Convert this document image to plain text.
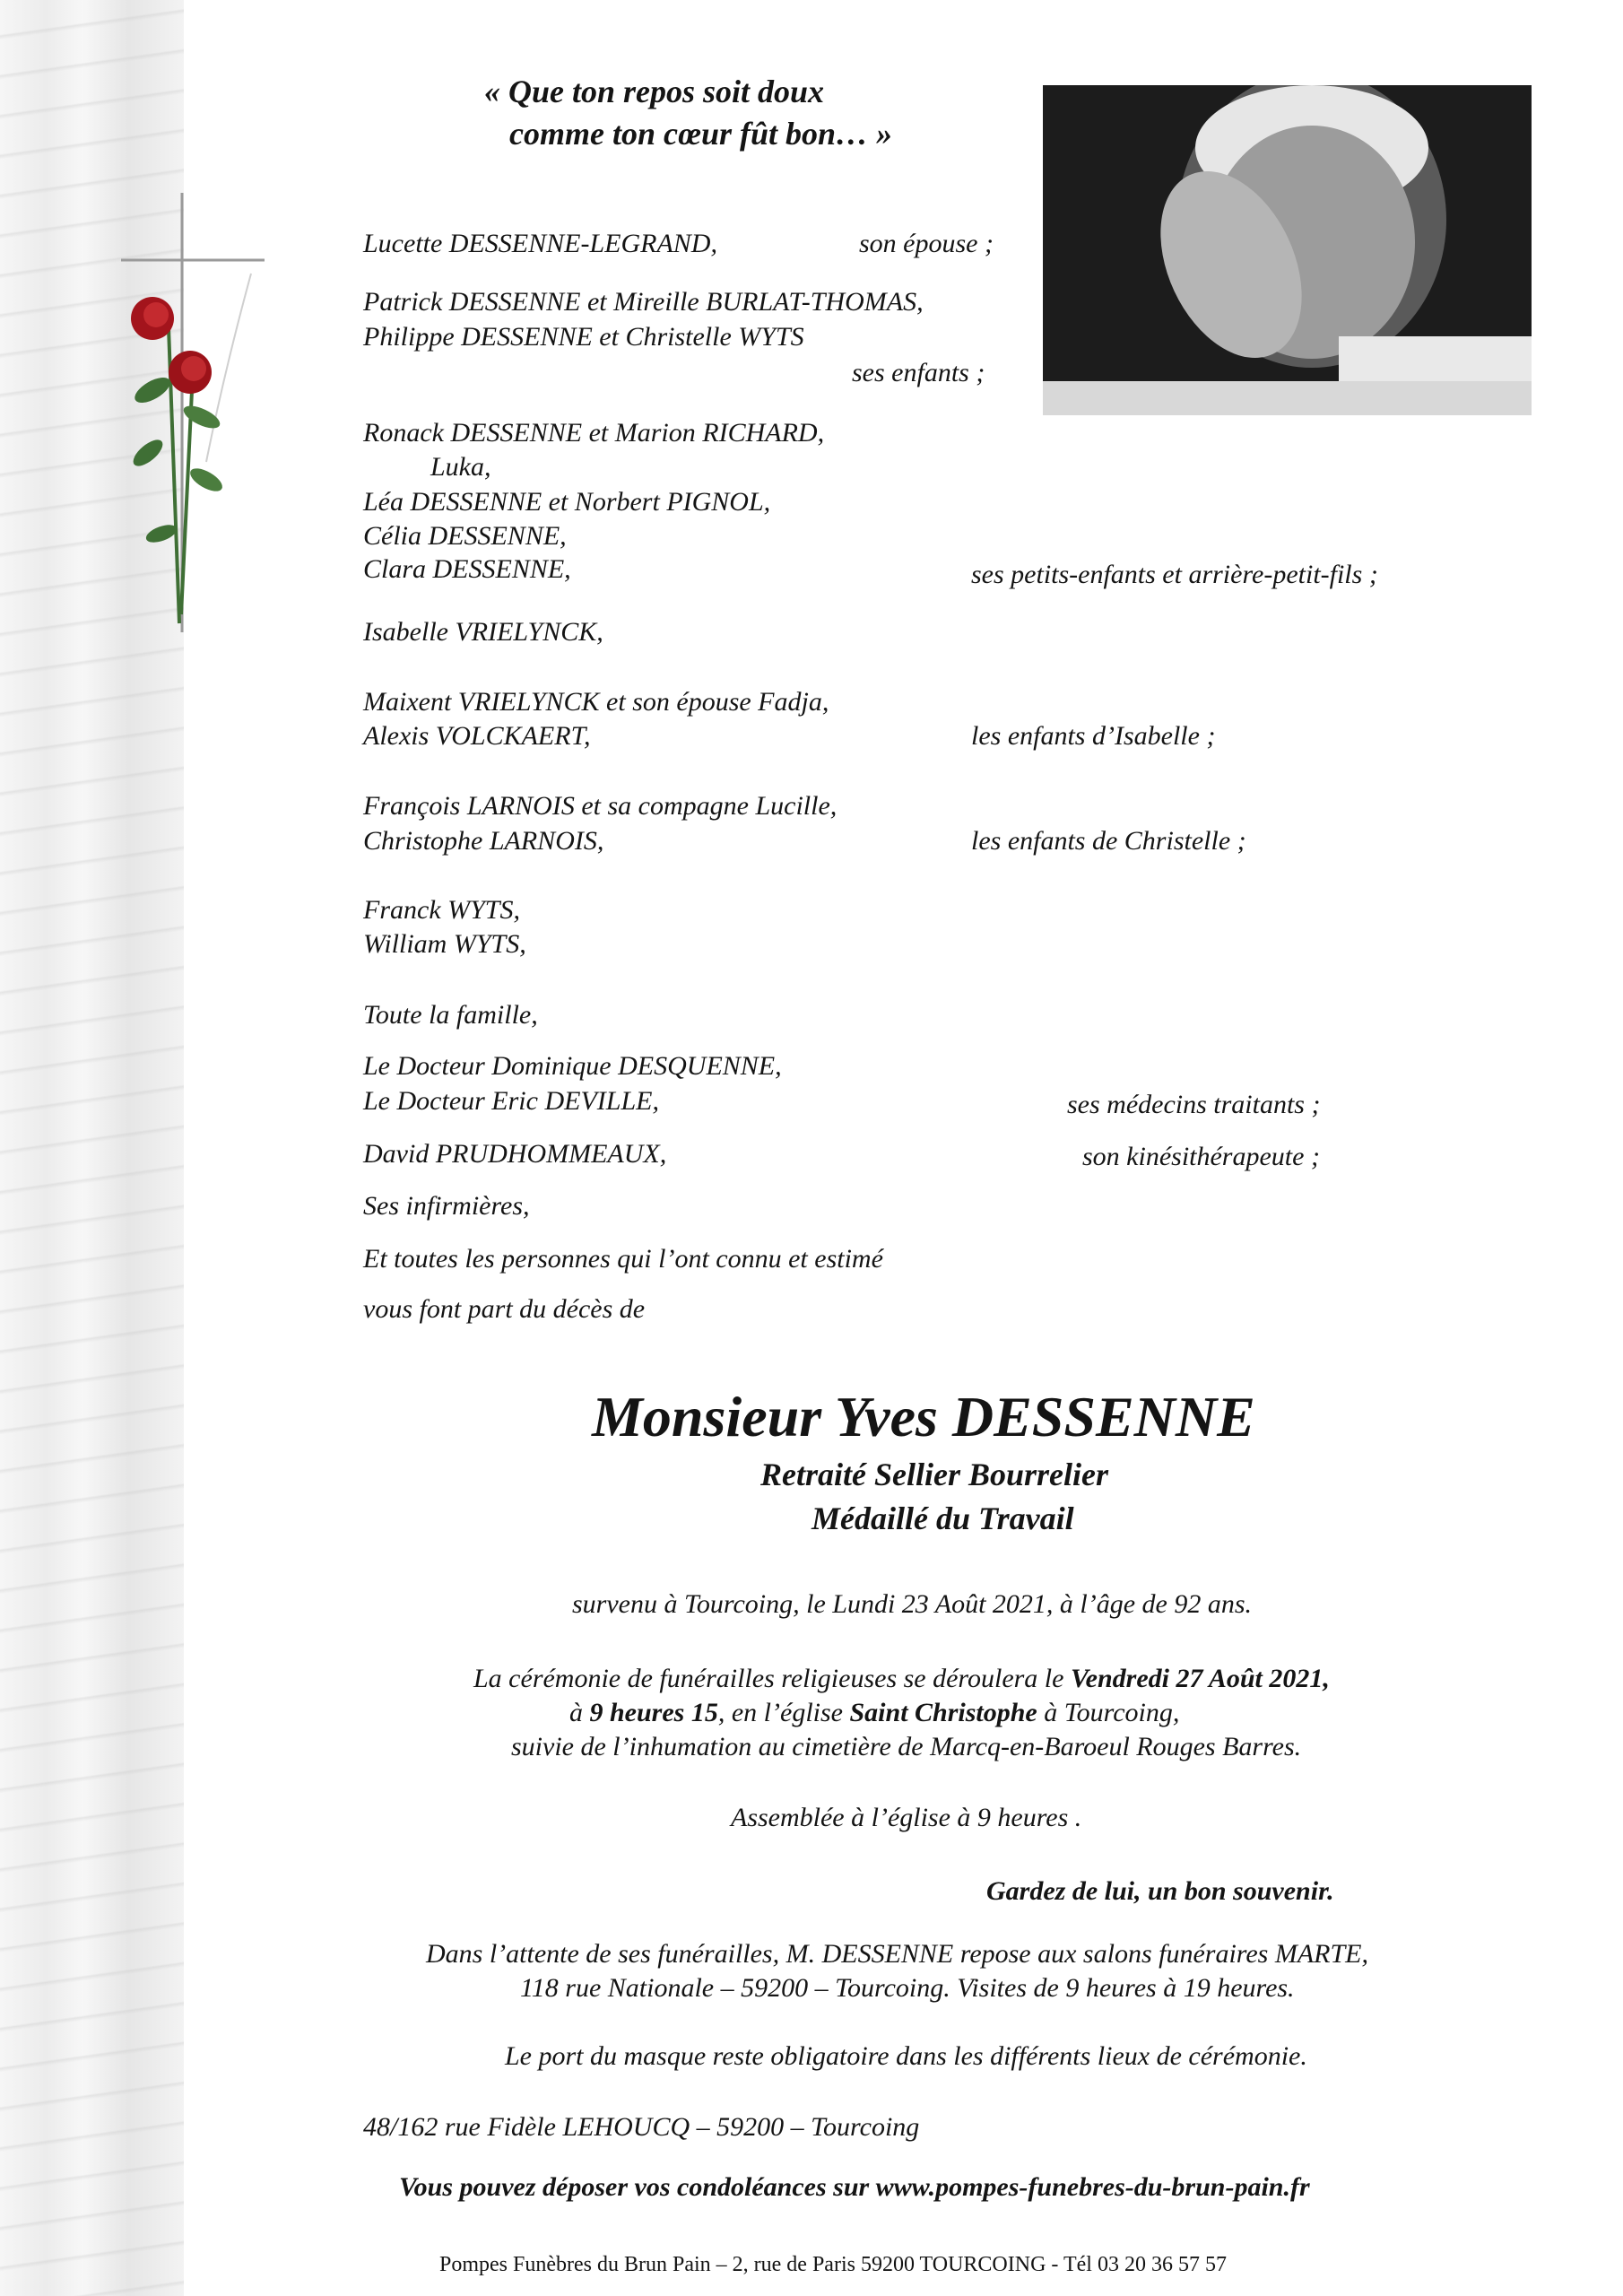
« Que ton repos soit doux
comme ton cœur fût bon… »
Lucette DESSENNE-LEGRAND,	son épouse ;
Patrick DESSENNE et Mireille BURLAT-THOMAS,
Philippe DESSENNE et Christelle WYTS
ses enfants ;
Ronack DESSENNE et Marion RICHARD,
Luka,
Léa DESSENNE et Norbert PIGNOL,
Célia DESSENNE,
Clara DESSENNE,	ses petits-enfants et arrière-petit-fils ;
Isabelle VRIELYNCK,
Maixent VRIELYNCK et son épouse Fadja,
Alexis VOLCKAERT,	les enfants d’Isabelle ;
François LARNOIS et sa compagne Lucille,
Christophe LARNOIS,	les enfants de Christelle ;
Franck WYTS,
William WYTS,
Toute la famille,
Le Docteur Dominique DESQUENNE,
Le Docteur Eric DEVILLE,	ses médecins traitants ;
David PRUDHOMMEAUX,	son kinésithérapeute ;
Ses infirmières,
Et toutes les personnes qui l’ont connu et estimé
vous font part du décès de
Monsieur Yves DESSENNE
Retraité Sellier Bourrelier
Médaillé du Travail
survenu à Tourcoing, le Lundi 23 Août 2021, à l’âge de 92 ans.
La cérémonie de funérailles religieuses se déroulera le Vendredi 27 Août 2021,
à 9 heures 15, en l’église Saint Christophe à Tourcoing,
suivie de l’inhumation au cimetière de Marcq-en-Baroeul Rouges Barres.
Assemblée à l’église à 9 heures .
Gardez de lui, un bon souvenir.
Dans l’attente de ses funérailles, M. DESSENNE repose aux salons funéraires MARTE,
118 rue Nationale – 59200 – Tourcoing. Visites de 9 heures à 19 heures.
Le port du masque reste obligatoire dans les différents lieux de cérémonie.
48/162 rue Fidèle LEHOUCQ – 59200 – Tourcoing
Vous pouvez déposer vos condoléances sur www.pompes-funebres-du-brun-pain.fr
Pompes Funèbres du Brun Pain – 2, rue de Paris 59200 TOURCOING - Tél 03 20 36 57 57
